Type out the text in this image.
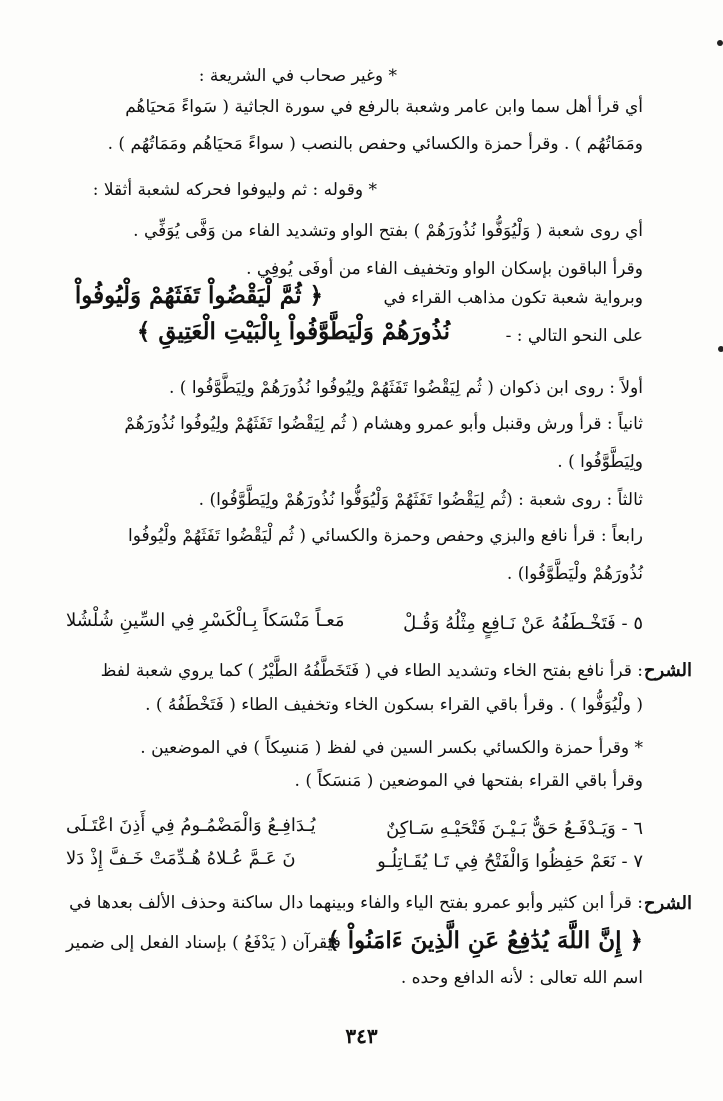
* وغير صحاب في الشريعة :
أي قرأ أهل سما وابن عامر وشعبة بالرفع في سورة الجاثية ( سَواءً مَحيَاهُم
ومَمَاتُهُم ) . وقرأ حمزة والكسائي وحفص بالنصب ( سواءً مَحيَاهُم ومَمَاتُهُم ) .
* وقوله : ثم وليوفوا فحركه لشعبة أثقلا :
أي روى شعبة ( وَلْيُوَفُّوا نُذُورَهُمْ ) بفتح الواو وتشديد الفاء من وَفَّى يُوَفِّي .
وقرأ الباقون بإسكان الواو وتخفيف الفاء من أوفَى يُوفِي .
وبرواية شعبة تكون مذاهب القراء في
﴿ ثُمَّ لْيَقْضُواْ تَفَثَهُمْ وَلْيُوفُواْ
نُذُورَهُمْ وَلْيَطَّوَّفُواْ بِالْبَيْتِ الْعَتِيقِ ﴾	على النحو التالي : -
أولاً : روى ابن ذكوان ( ثُم لِيَقْضُوا تَفَثَهُمْ ولِيُوفُوا نُذُورَهُمْ ولِيَطَّوَّفُوا ) .
ثانياً : قرأ ورش وقنبل وأبو عمرو وهشام ( ثُم لِيَقْضُوا تَفَثَهُمْ ولِيُوفُوا نُذُورَهُمْ
ولِيَطَّوَّفُوا ) .
ثالثاً : روى شعبة : (ثُم لِيَقْضُوا تَفَثَهُمْ وَلْيُوَفُّوا نُذُورَهُمْ ولِيَطَّوَّفُوا) .
رابعاً : قرأ نافع والبزي وحفص وحمزة والكسائي ( ثُم لْيَقْضُوا تَفَثَهُمْ ولْيُوفُوا
نُذُورَهُمْ ولْيَطَّوَّفُوا) .
٥ - فَتَخْـطَفُهُ عَنْ نَـافِعٍ مِثْلُهُ وَقُـلْ
مَعـاً مَنْسَكاً بِـالْكَسْرِ فِي السِّينِ شُلْشُلا
الشرح
: قرأ نافع بفتح الخاء وتشديد الطاء في ( فَتَخَطَّفُهُ الطَّيْرُ ) كما يروي شعبة لفظ
( ولْيُوَفُّوا ) . وقرأ باقي القراء بسكون الخاء وتخفيف الطاء ( فَتَخْطَفُهُ ) .
* وقرأ حمزة والكسائي بكسر السين في لفظ ( مَنسِكاً ) في الموضعين .
وقرأ باقي القراء بفتحها في الموضعين ( مَنسَكاً ) .
٦ - وَيَـدْفَـعُ حَقٌّ بَـيْـنَ فَتْحَيْـهِ سَـاكِنٌ
يُـدَافِـعُ وَالْمَضْمُـومُ فِي أَذِنَ اعْتَـلَى
٧ - نَعَمْ حَفِظُوا وَالْفَتْحُ فِي تَـا يُقَـاتِلُـو
نَ عَـمَّ عُـلاهُ هُـدِّمَتْ خَـفَّ إِذْ دَلا
الشرح
: قرأ ابن كثير وأبو عمرو بفتح الياء والفاء وبينهما دال ساكنة وحذف الألف بعدها في
﴿ إِنَّ اللَّهَ يُدَٰفِعُ عَنِ الَّذِينَ ءَامَنُواْ ﴾
فيقرآن ( يَدْفَعُ ) بإسناد الفعل إلى ضمير
اسم الله تعالى : لأنه الدافع وحده .
٣٤٣
